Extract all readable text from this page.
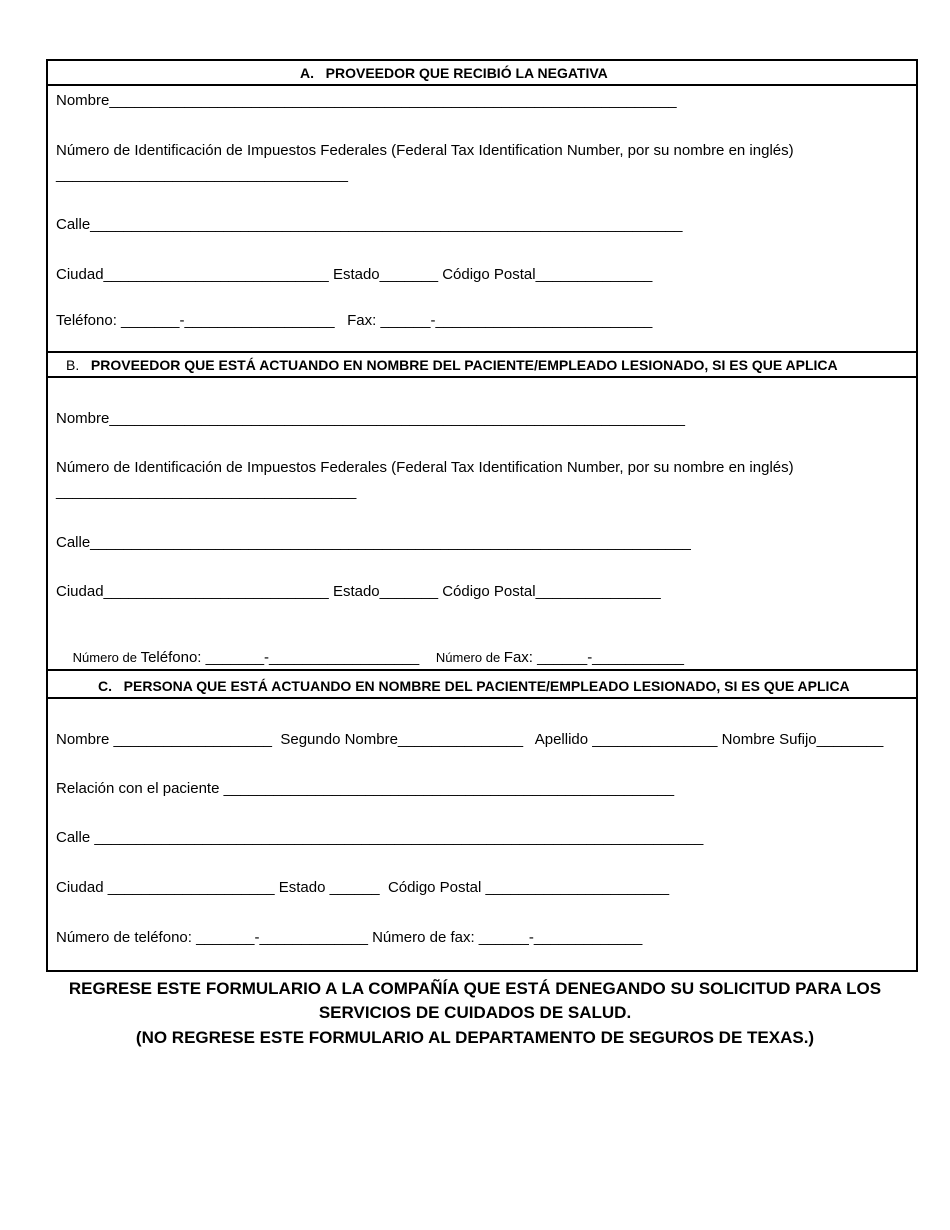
A. PROVEEDOR QUE RECIBIÓ LA NEGATIVA
Nombre____________________________________________________________________
Número de Identificación de Impuestos Federales (Federal Tax Identification Number, por su nombre en inglés)
___________________________________
Calle_______________________________________________________________________
Ciudad___________________________ Estado_______ Código Postal______________
Teléfono: _______-__________________   Fax: ______-__________________________
B. PROVEEDOR QUE ESTÁ ACTUANDO EN NOMBRE DEL PACIENTE/EMPLEADO LESIONADO, SI ES QUE APLICA
Nombre_____________________________________________________________________
Número de Identificación de Impuestos Federales (Federal Tax Identification Number, por su nombre en inglés)
____________________________________
Calle________________________________________________________________________
Ciudad___________________________ Estado_______ Código Postal_______________

Número de Teléfono: _______-__________________ Número de Fax: ______-___________

C. PERSONA QUE ESTÁ ACTUANDO EN NOMBRE DEL PACIENTE/EMPLEADO LESIONADO, SI ES QUE APLICA
Nombre ___________________  Segundo Nombre_______________   Apellido _______________ Nombre Sufijo________
Relación con el paciente ______________________________________________________
Calle _________________________________________________________________________
Ciudad ____________________ Estado ______  Código Postal ______________________
Número de teléfono: _______-_____________ Número de fax: ______-_____________
REGRESE ESTE FORMULARIO A LA COMPAÑÍA QUE ESTÁ DENEGANDO SU SOLICITUD PARA LOS
SERVICIOS DE CUIDADOS DE SALUD.
(NO REGRESE ESTE FORMULARIO AL DEPARTAMENTO DE SEGUROS DE TEXAS.)
